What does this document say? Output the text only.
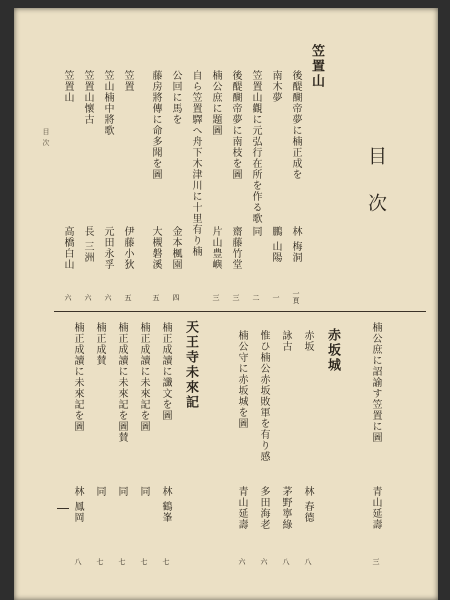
目次
目次
笠置山
後醍醐帝夢に楠正成を
林 梅洞
一頁
南木夢
鵬 山陽
一
笠置山觀に元弘行在所を作る歌
同
二
後醍醐帝夢に南枝を圖
齋藤竹堂
三
楠公庶に題圖
片山豊嶼
三
自ら笠置驛へ舟下木津川に十里有り楠
公回に馬を
金本楓園
四
藤房將傳に命多聞を圖
大槻磐溪
五
笠置
伊藤小狄
五
笠山楠中將歌
元田永孚
六
笠置山懷古
長 三洲
六
笠置山
高橋白山
六
楠公庶に詔諭す笠置に圖
青山延壽
三
赤坂城
赤坂
林 春德
八
詠古
茅野寧綠
八
惟ひ楠公赤坂敗軍を有り感
多田海老
六
楠公守に赤坂城を圖
青山延壽
六
天王寺未來記
楠正成讀に讖文を圖
林 鶴峯
七
楠正成讀に未來記を圖
同
七
楠正成讀に未來記を圖賛
同
七
楠正成賛
同
七
楠正成讀に未來記を圖
林 鳳岡
八
